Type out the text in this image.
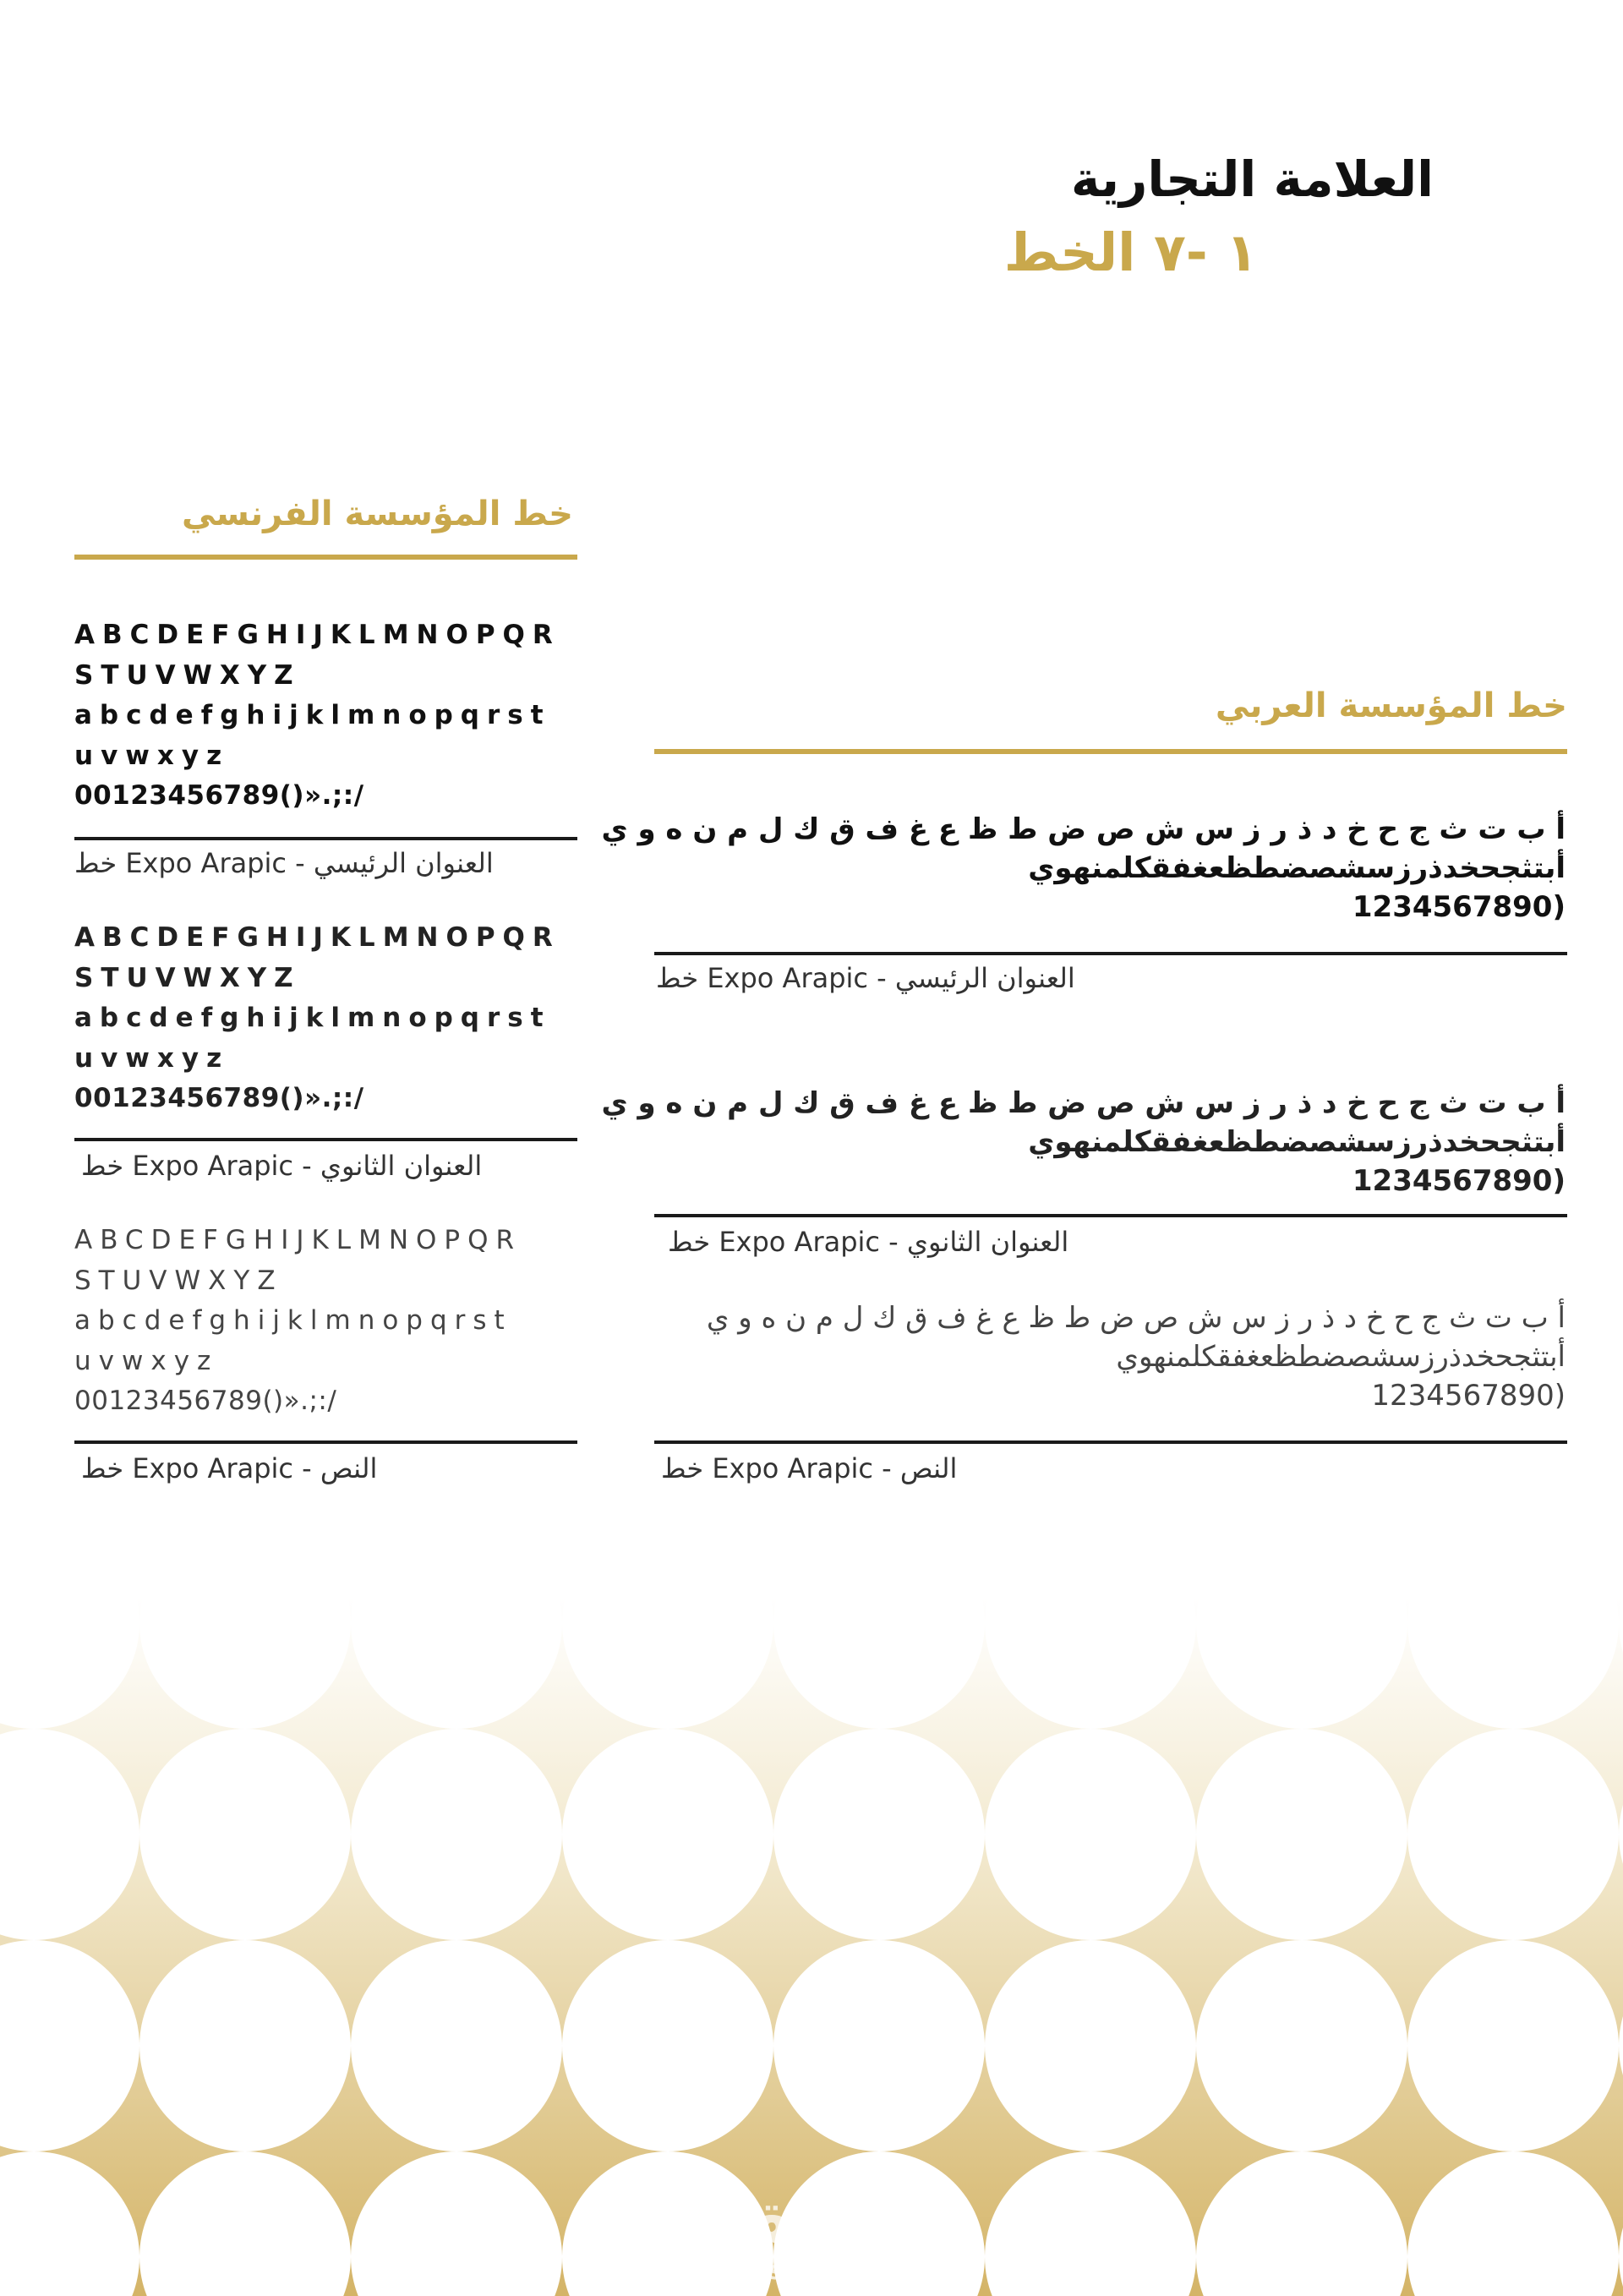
العلامة التجارية
١ -٧ الخط
خط المؤسسة الفرنسي
ABCDEFGHIJKLMNOPQR
STUVWXYZ
abcdefghijklmnopqrst
uvwxyz
00123456789()».;:/
العنوان الرئيسي - Expo Arapic خط
ABCDEFGHIJKLMNOPQR
STUVWXYZ
abcdefghijklmnopqrst
uvwxyz
00123456789()».;:/
العنوان الثانوي - Expo Arapic خط
ABCDEFGHIJKLMNOPQR
STUVWXYZ
abcdefghijklmnopqrst
uvwxyz
00123456789()».;:/
النص - Expo Arapic خط
خط المؤسسة العربي
أ ب ت ث ج ح خ د ذ ر ز س ش ص ض ط ظ ع غ ف ق ك ل م ن ه و ي
أبتثجحخدذرزسشصضطظعغفقكلمنهوي
1234567890)
العنوان الرئيسي - Expo Arapic خط
أ ب ت ث ج ح خ د ذ ر ز س ش ص ض ط ظ ع غ ف ق ك ل م ن ه و ي
أبتثجحخدذرزسشصضطظعغفقكلمنهوي
1234567890)
العنوان الثانوي - Expo Arapic خط
أ ب ت ث ج ح خ د ذ ر ز س ش ص ض ط ظ ع غ ف ق ك ل م ن ه و ي
أبتثجحخدذرزسشصضطظعغفقكلمنهوي
1234567890)
النص - Expo Arapic خط
مستقل
mostaql.com
